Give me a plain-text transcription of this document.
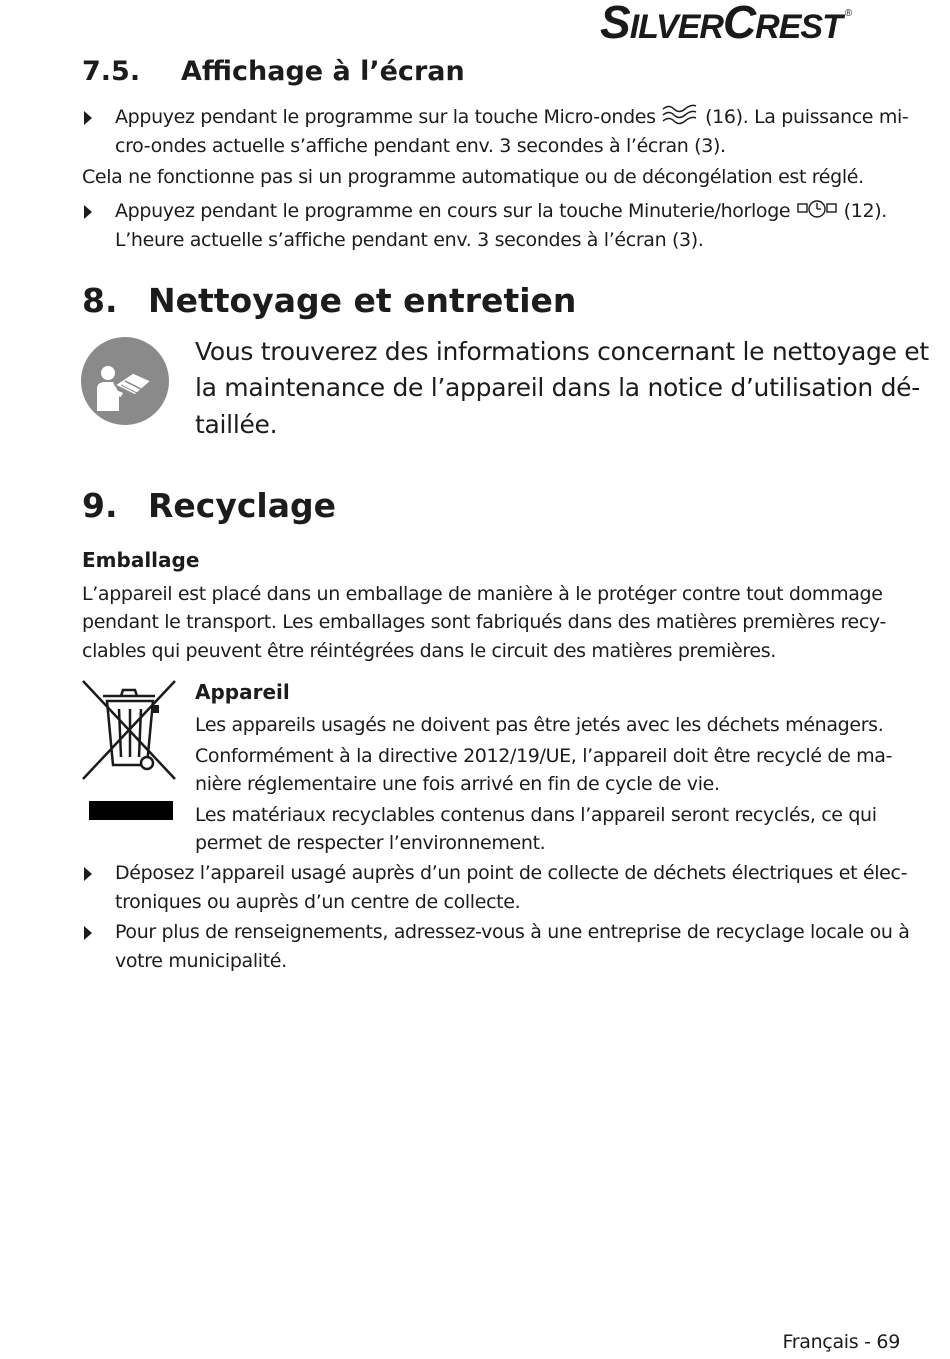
SILVERCREST ®
7.5. Affichage à l’écran
Appuyez pendant le programme sur la touche Micro-ondes	(16). La puissance mi-
cro-ondes actuelle s’affiche pendant env. 3 secondes à l’écran (3).
Cela ne fonctionne pas si un programme automatique ou de décongélation est réglé.
Appuyez pendant le programme en cours sur la touche Minuterie/horloge	(12).
L’heure actuelle s’affiche pendant env. 3 secondes à l’écran (3).
8. Nettoyage et entretien
Vous trouverez des informations concernant le nettoyage et
la maintenance de l’appareil dans la notice d’utilisation dé-
taillée.
9. Recyclage
Emballage
L’appareil est placé dans un emballage de manière à le protéger contre tout dommage
pendant le transport. Les emballages sont fabriqués dans des matières premières recy-
clables qui peuvent être réintégrées dans le circuit des matières premières.
Appareil
Les appareils usagés ne doivent pas être jetés avec les déchets ménagers.
Conformément à la directive 2012/19/UE, l’appareil doit être recyclé de ma-
nière réglementaire une fois arrivé en fin de cycle de vie.
Les matériaux recyclables contenus dans l’appareil seront recyclés, ce qui
permet de respecter l’environnement.
Déposez l’appareil usagé auprès d’un point de collecte de déchets électriques et élec-
troniques ou auprès d’un centre de collecte.
Pour plus de renseignements, adressez-vous à une entreprise de recyclage locale ou à
votre municipalité.
Français - 69
